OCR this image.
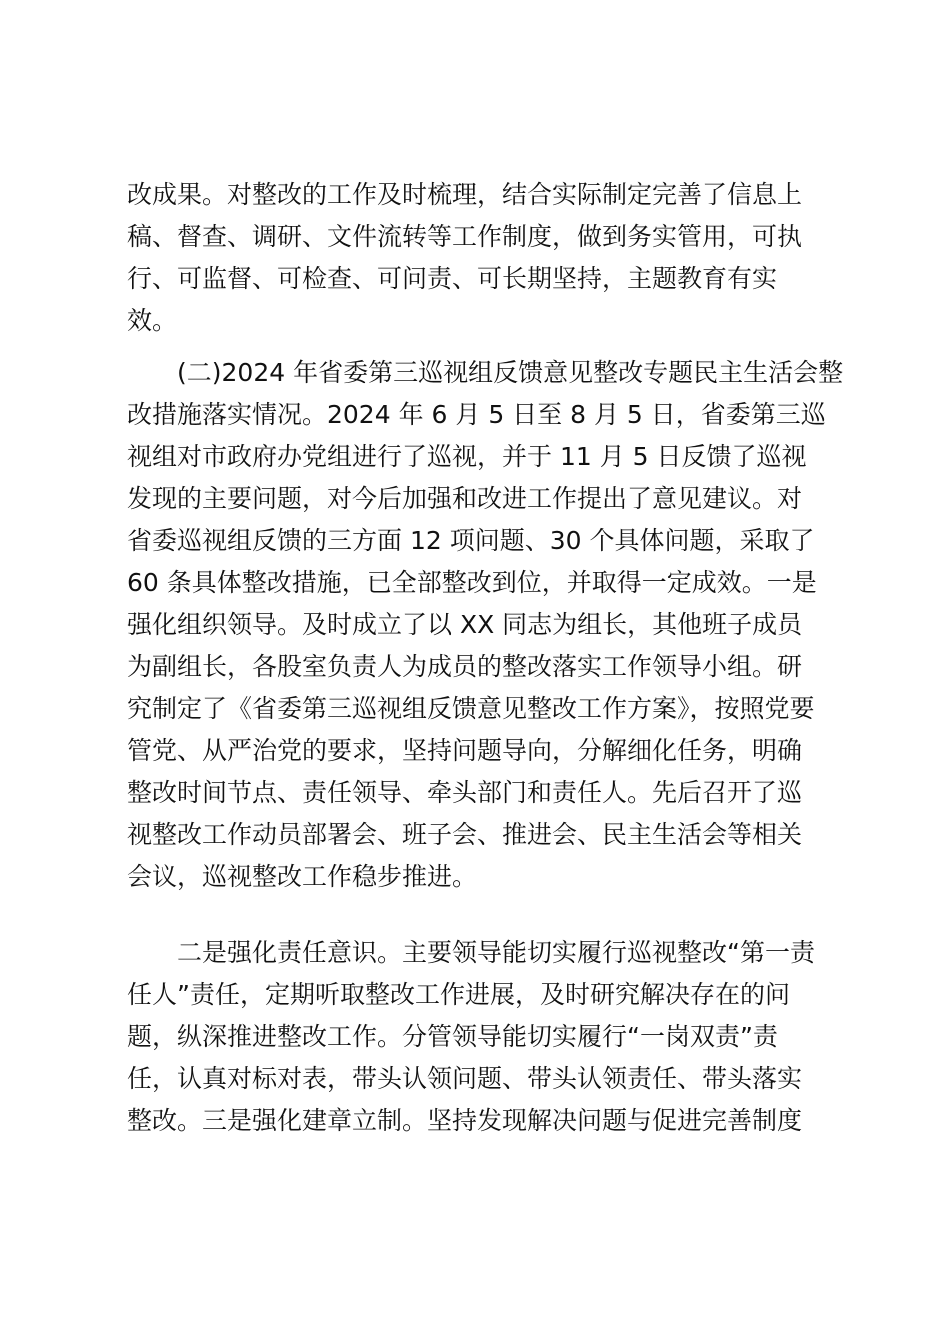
改成果。对整改的工作及时梳理，结合实际制定完善了信息上
稿、督查、调研、文件流转等工作制度，做到务实管用，可执
行、可监督、可检查、可问责、可长期坚持，主题教育有实
效。
(二)2024 年省委第三巡视组反馈意见整改专题民主生活会整
改措施落实情况。2024 年 6 月 5 日至 8 月 5 日，省委第三巡
视组对市政府办党组进行了巡视，并于 11 月 5 日反馈了巡视
发现的主要问题，对今后加强和改进工作提出了意见建议。对
省委巡视组反馈的三方面 12 项问题、30 个具体问题，采取了
60 条具体整改措施，已全部整改到位，并取得一定成效。一是
强化组织领导。及时成立了以 XX 同志为组长，其他班子成员
为副组长，各股室负责人为成员的整改落实工作领导小组。研
究制定了《省委第三巡视组反馈意见整改工作方案》，按照党要
管党、从严治党的要求，坚持问题导向，分解细化任务，明确
整改时间节点、责任领导、牵头部门和责任人。先后召开了巡
视整改工作动员部署会、班子会、推进会、民主生活会等相关
会议，巡视整改工作稳步推进。
二是强化责任意识。主要领导能切实履行巡视整改“第一责
任人”责任，定期听取整改工作进展，及时研究解决存在的问
题，纵深推进整改工作。分管领导能切实履行“一岗双责”责
任，认真对标对表，带头认领问题、带头认领责任、带头落实
整改。三是强化建章立制。坚持发现解决问题与促进完善制度
